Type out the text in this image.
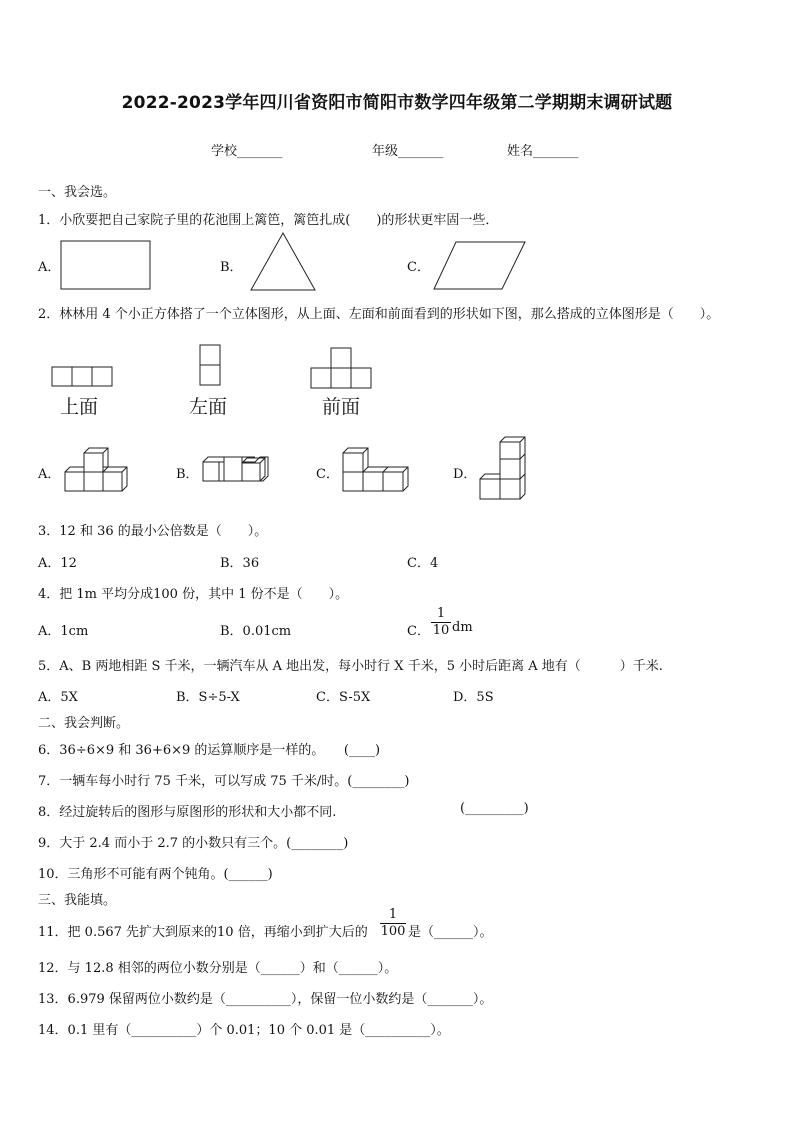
2022-2023学年四川省资阳市简阳市数学四年级第二学期期末调研试题
学校_______	年级_______	姓名_______
一、我会选。
1．小欣要把自己家院子里的花池围上篱笆，篱笆扎成(　　)的形状更牢固一些．
A．	B．	C．
2．林林用 4 个小正方体搭了一个立体图形，从上面、左面和前面看到的形状如下图，那么搭成的立体图形是（　　）。
上面	左面	前面
A．	B．	C．	D．
3．12 和 36 的最小公倍数是（　　）。
A．12	B．36	C．4
4．把 1m 平均分成100 份，其中 1 份不是（　　）。
A．1cm	B．0.01cm	C．
1
10 dm
5．A、B 两地相距 S 千米，一辆汽车从 A 地出发，每小时行 X 千米，5 小时后距离 A 地有（　　　）千米.
A．5X	B．S÷5-X	C．S-5X	D．5S
二、我会判断。
6．36÷6×9 和 36+6×9 的运算顺序是一样的。　　(____)
7．一辆车每小时行 75 千米，可以写成 75 千米/时。(________)
8．经过旋转后的图形与原图形的形状和大小都不同.	(_________)
9．大于 2.4 而小于 2.7 的小数只有三个。(________)
10．三角形不可能有两个钝角。(______)
三、我能填。
11．把 0.567 先扩大到原来的10 倍，再缩小到扩大后的
1
100 是（______）。
12．与 12.8 相邻的两位小数分别是（______）和（______）。
13．6.979 保留两位小数约是（__________），保留一位小数约是（_______）。
14．0.1 里有（__________）个 0.01；10 个 0.01 是（__________）。
